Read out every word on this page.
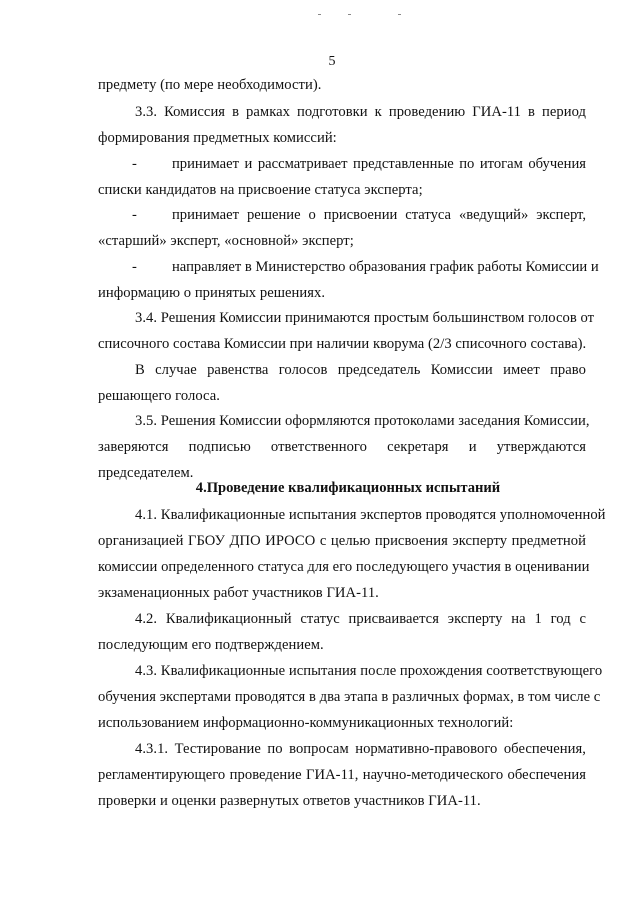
5
предмету (по мере необходимости).
3.3. Комиссия в рамках подготовки к проведению ГИА-11 в период
формирования предметных комиссий:
-	принимает и рассматривает представленные по итогам обучения
списки кандидатов на присвоение статуса эксперта;
-	принимает решение о присвоении статуса «ведущий» эксперт,
«старший» эксперт, «основной» эксперт;
-	направляет в Министерство образования график работы Комиссии и
информацию о принятых решениях.
3.4. Решения Комиссии принимаются простым большинством голосов от
списочного состава Комиссии при наличии кворума (2/3 списочного состава).
В случае равенства голосов председатель Комиссии имеет право
решающего голоса.
3.5. Решения Комиссии оформляются протоколами заседания Комиссии,
заверяются подписью ответственного секретаря и утверждаются
председателем.
4.Проведение квалификационных испытаний
4.1. Квалификационные испытания экспертов проводятся уполномоченной
организацией ГБОУ ДПО ИРОСО с целью присвоения эксперту предметной
комиссии определенного статуса для его последующего участия в оценивании
экзаменационных работ участников ГИА-11.
4.2. Квалификационный статус присваивается эксперту на 1 год с
последующим его подтверждением.
4.3. Квалификационные испытания после прохождения соответствующего
обучения экспертами проводятся в два этапа в различных формах, в том числе с
использованием информационно-коммуникационных технологий:
4.3.1. Тестирование по вопросам нормативно-правового обеспечения,
регламентирующего проведение ГИА-11, научно-методического обеспечения
проверки и оценки развернутых ответов участников ГИА-11.
